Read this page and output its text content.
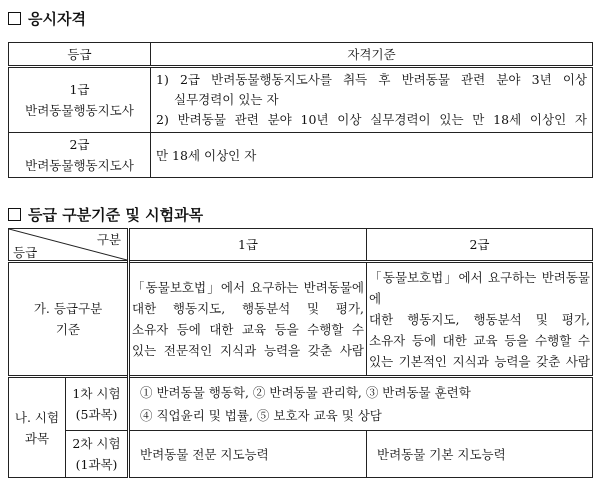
응시자격
등급	자격기준

1급
반려동물행동지도사	1) 2급 반려동물행동지도사를 취득 후 반려동물 관련 분야 3년 이상
실무경력이 있는 자
2) 반려동물 관련 분야 10년 이상 실무경력이 있는 만 18세 이상인 자

2급
반려동물행동지도사	만 18세 이상인 자
등급 구분기준 및 시험과목
구분
등급		1급	2급

가. 등급구분
기준		「동물보호법」에서 요구하는 반려동물에
대한 행동지도, 행동분석 및 평가,
소유자 등에 대한 교육 등을 수행할 수
있는 전문적인 지식과 능력을 갖춘 사람	「동물보호법」에서 요구하는 반려동물에
대한 행동지도, 행동분석 및 평가,
소유자 등에 대한 교육 등을 수행할 수
있는 기본적인 지식과 능력을 갖춘 사람

나. 시험
과목	1차 시험
(5과목)	① 반려동물 행동학, ② 반려동물 관리학, ③ 반려동물 훈련학
④ 직업윤리 및 법률, ⑤ 보호자 교육 및 상담	

	2차 시험
(1과목)	반려동물 전문 지도능력	반려동물 기본 지도능력
